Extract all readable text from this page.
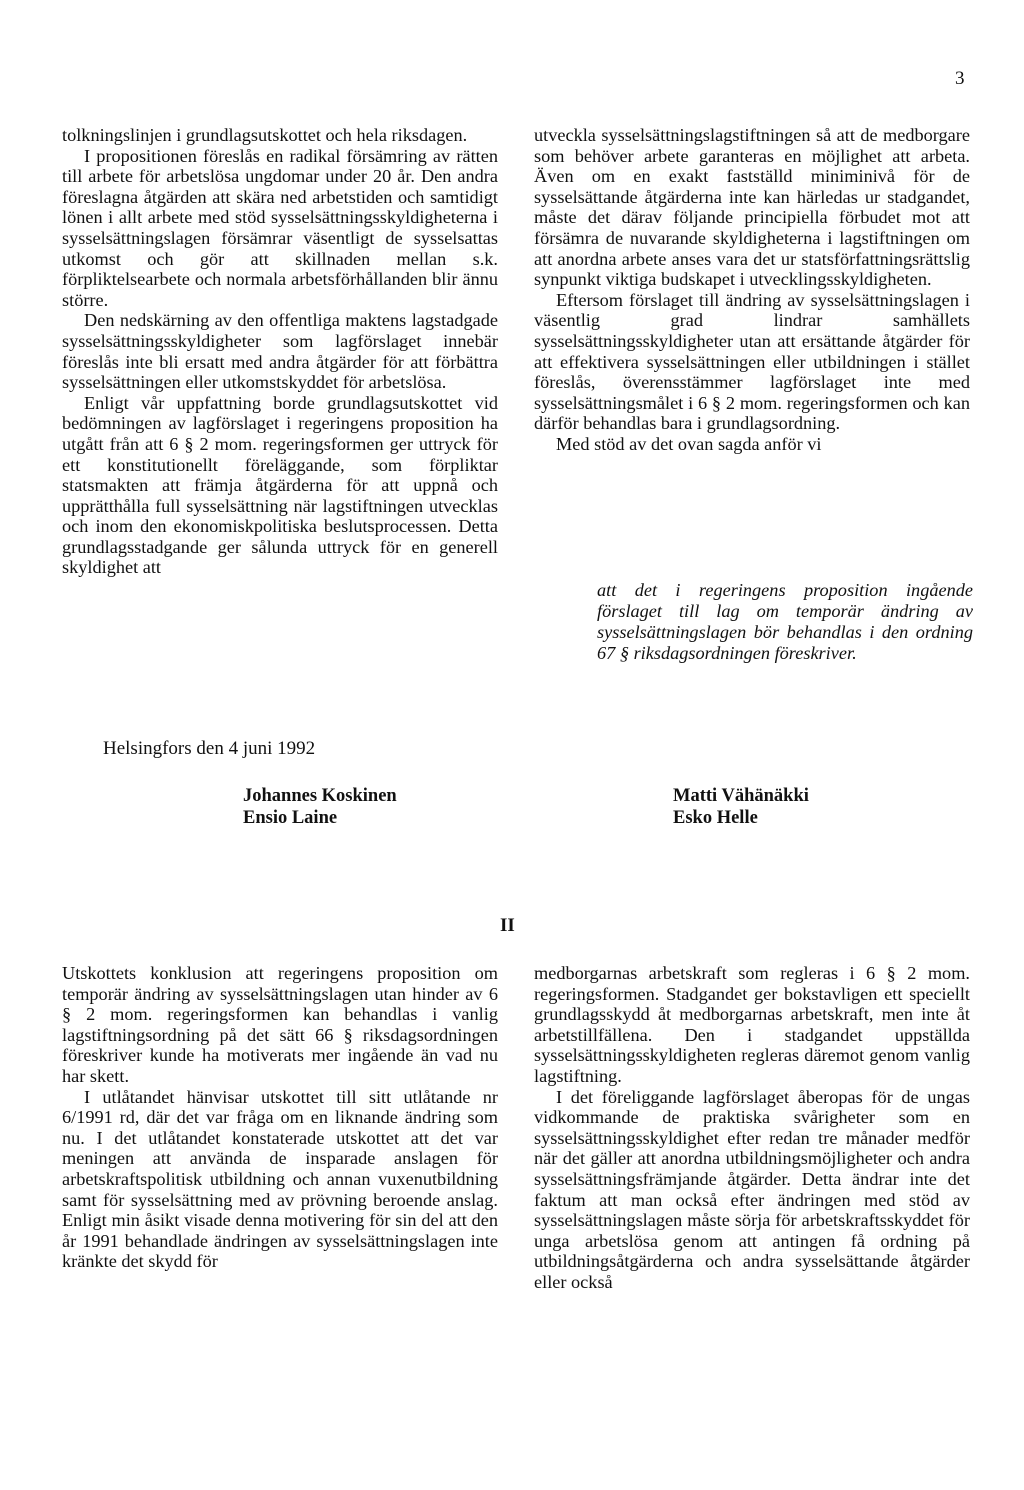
3

tolkningslinjen i grundlagsutskottet och hela riksdagen.

I propositionen föreslås en radikal försämring av rätten till arbete för arbetslösa ungdomar under 20 år. Den andra föreslagna åtgärden att skära ned arbetstiden och samtidigt lönen i allt arbete med stöd sysselsättningsskyldigheterna i sysselsättningslagen försämrar väsentligt de sysselsattas utkomst och gör att skillnaden mellan s.k. förpliktelsearbete och normala arbetsförhållanden blir ännu större.

Den nedskärning av den offentliga maktens lagstadgade sysselsättningsskyldigheter som lagförslaget innebär föreslås inte bli ersatt med andra åtgärder för att förbättra sysselsättningen eller utkomstskyddet för arbetslösa.

Enligt vår uppfattning borde grundlagsutskottet vid bedömningen av lagförslaget i regeringens proposition ha utgått från att 6 § 2 mom. regeringsformen ger uttryck för ett konstitutionellt föreläggande, som förpliktar statsmakten att främja åtgärderna för att uppnå och upprätthålla full sysselsättning när lagstiftningen utvecklas och inom den ekonomiskpolitiska beslutsprocessen. Detta grundlagsstadgande ger sålunda uttryck för en generell skyldighet att

utveckla sysselsättningslagstiftningen så att de medborgare som behöver arbete garanteras en möjlighet att arbeta. Även om en exakt fastställd miniminivå för de sysselsättande åtgärderna inte kan härledas ur stadgandet, måste det därav följande principiella förbudet mot att försämra de nuvarande skyldigheterna i lagstiftningen om att anordna arbete anses vara det ur statsförfattningsrättslig synpunkt viktiga budskapet i utvecklingsskyldigheten.

Eftersom förslaget till ändring av sysselsättningslagen i väsentlig grad lindrar samhällets sysselsättningsskyldigheter utan att ersättande åtgärder för att effektivera sysselsättningen eller utbildningen i stället föreslås, överensstämmer lagförslaget inte med sysselsättningsmålet i 6 § 2 mom. regeringsformen och kan därför behandlas bara i grundlagsordning.

Med stöd av det ovan sagda anför vi

att det i regeringens proposition ingående förslaget till lag om temporär ändring av sysselsättningslagen bör behandlas i den ordning 67 § riksdagsordningen föreskriver.
Helsingfors den 4 juni 1992
Johannes Koskinen
Ensio Laine
Matti Vähänäkki
Esko Helle
II

Utskottets konklusion att regeringens proposition om temporär ändring av sysselsättningslagen utan hinder av 6 § 2 mom. regeringsformen kan behandlas i vanlig lagstiftningsordning på det sätt 66 § riksdagsordningen föreskriver kunde ha motiverats mer ingående än vad nu har skett.

I utlåtandet hänvisar utskottet till sitt utlåtande nr 6/1991 rd, där det var fråga om en liknande ändring som nu. I det utlåtandet konstaterade utskottet att det var meningen att använda de insparade anslagen för arbetskraftspolitisk utbildning och annan vuxenutbildning samt för sysselsättning med av prövning beroende anslag. Enligt min åsikt visade denna motivering för sin del att den år 1991 behandlade ändringen av sysselsättningslagen inte kränkte det skydd för

medborgarnas arbetskraft som regleras i 6 § 2 mom. regeringsformen. Stadgandet ger bokstavligen ett speciellt grundlagsskydd åt medborgarnas arbetskraft, men inte åt arbetstillfällena. Den i stadgandet uppställda sysselsättningsskyldigheten regleras däremot genom vanlig lagstiftning.

I det föreliggande lagförslaget åberopas för de ungas vidkommande de praktiska svårigheter som en sysselsättningsskyldighet efter redan tre månader medför när det gäller att anordna utbildningsmöjligheter och andra sysselsättningsfrämjande åtgärder. Detta ändrar inte det faktum att man också efter ändringen med stöd av sysselsättningslagen måste sörja för arbetskraftsskyddet för unga arbetslösa genom att antingen få ordning på utbildningsåtgärderna och andra sysselsättande åtgärder eller också
